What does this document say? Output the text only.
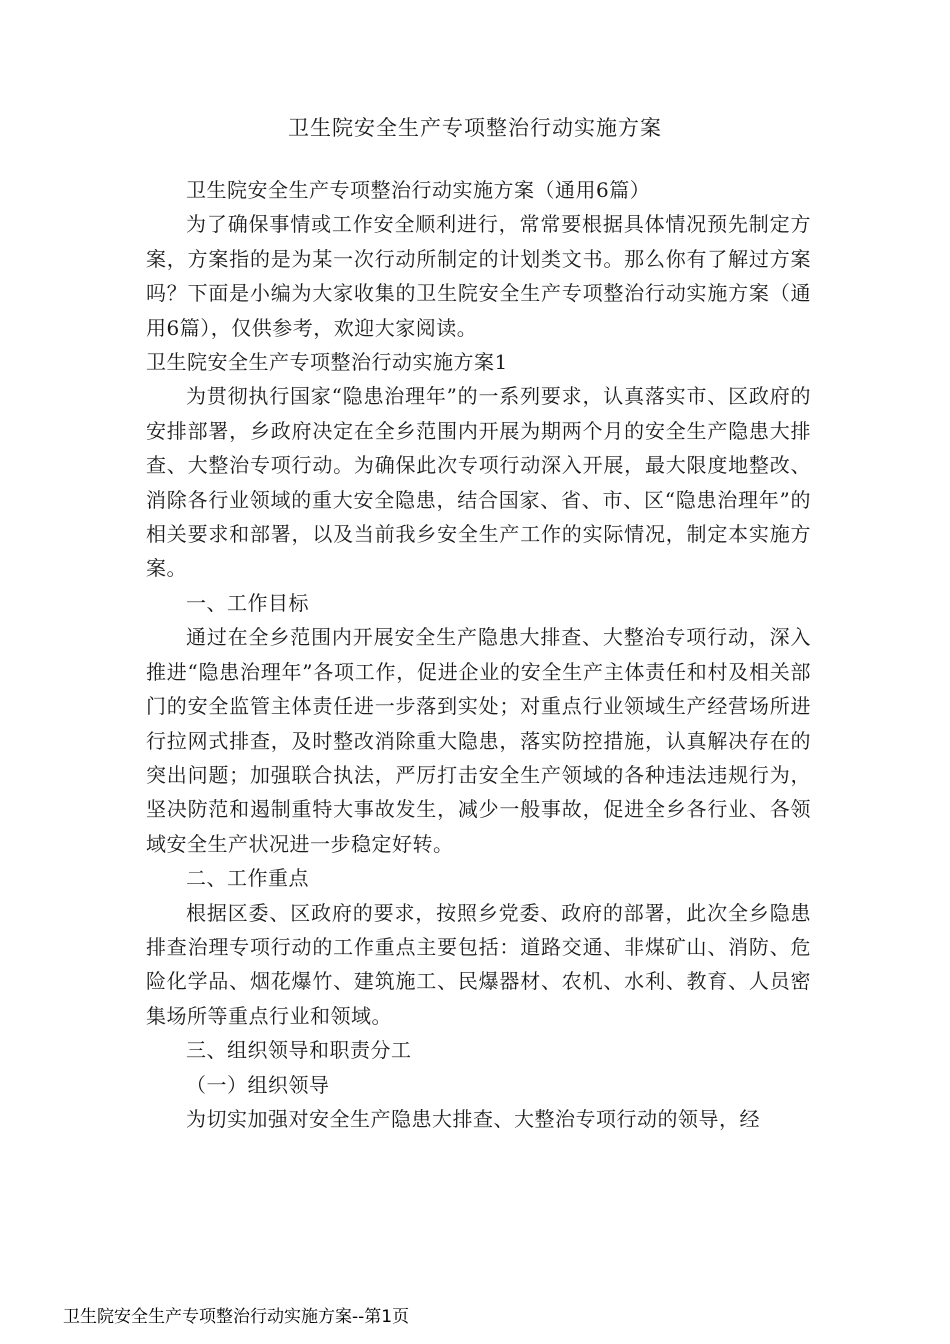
卫生院安全生产专项整治行动实施方案

卫生院安全生产专项整治行动实施方案（通用6篇）

为了确保事情或工作安全顺利进行，常常要根据具体情况预先制定方案，方案指的是为某一次行动所制定的计划类文书。那么你有了解过方案吗？下面是小编为大家收集的卫生院安全生产专项整治行动实施方案（通用6篇），仅供参考，欢迎大家阅读。

卫生院安全生产专项整治行动实施方案1

为贯彻执行国家“隐患治理年”的一系列要求，认真落实市、区政府的安排部署，乡政府决定在全乡范围内开展为期两个月的安全生产隐患大排查、大整治专项行动。为确保此次专项行动深入开展，最大限度地整改、消除各行业领域的重大安全隐患，结合国家、省、市、区“隐患治理年”的相关要求和部署，以及当前我乡安全生产工作的实际情况，制定本实施方案。

一、工作目标

通过在全乡范围内开展安全生产隐患大排查、大整治专项行动，深入推进“隐患治理年”各项工作，促进企业的安全生产主体责任和村及相关部门的安全监管主体责任进一步落到实处；对重点行业领域生产经营场所进行拉网式排查，及时整改消除重大隐患，落实防控措施，认真解决存在的突出问题；加强联合执法，严厉打击安全生产领域的各种违法违规行为，坚决防范和遏制重特大事故发生，减少一般事故，促进全乡各行业、各领域安全生产状况进一步稳定好转。

二、工作重点

根据区委、区政府的要求，按照乡党委、政府的部署，此次全乡隐患排查治理专项行动的工作重点主要包括：道路交通、非煤矿山、消防、危险化学品、烟花爆竹、建筑施工、民爆器材、农机、水利、教育、人员密集场所等重点行业和领域。

三、组织领导和职责分工

（一）组织领导

为切实加强对安全生产隐患大排查、大整治专项行动的领导，经

卫生院安全生产专项整治行动实施方案--第1页
